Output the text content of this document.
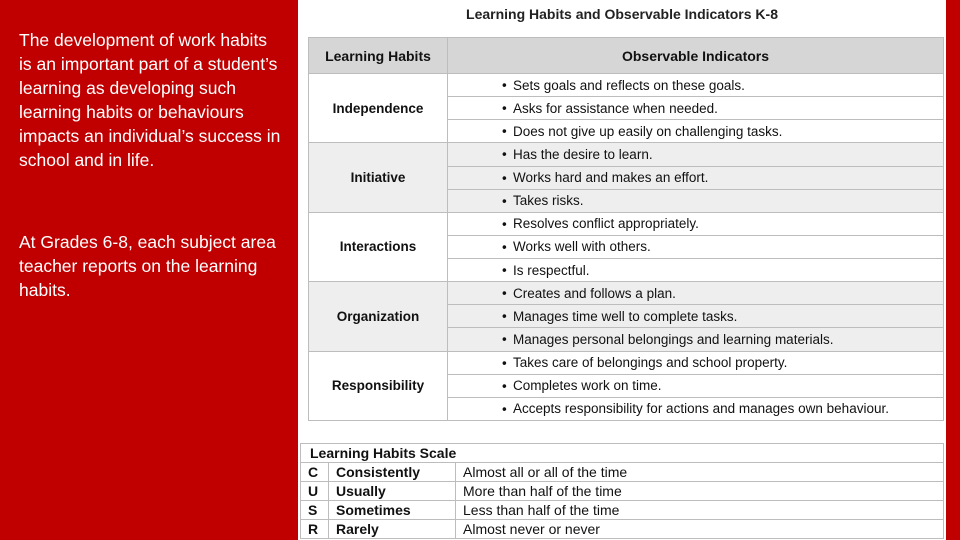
The development of work habits is an important part of a student’s learning as developing such learning habits or behaviours impacts an individual’s success in school and in life.

At Grades 6-8, each subject area teacher reports on the learning habits.

Learning Habits and Observable Indicators K-8
Learning Habits	Observable Indicators
Independence	• Sets goals and reflects on these goals.
	• Asks for assistance when needed.
	• Does not give up easily on challenging tasks.
Initiative	• Has the desire to learn.
	• Works hard and makes an effort.
	• Takes risks.
Interactions	• Resolves conflict appropriately.
	• Works well with others.
	• Is respectful.
Organization	• Creates and follows a plan.
	• Manages time well to complete tasks.
	• Manages personal belongings and learning materials.
Responsibility	• Takes care of belongings and school property.
	• Completes work on time.
	• Accepts responsibility for actions and manages own behaviour.
Learning Habits Scale		
C	Consistently	Almost all or all of the time
U	Usually	More than half of the time
S	Sometimes	Less than half of the time
R	Rarely	Almost never or never
